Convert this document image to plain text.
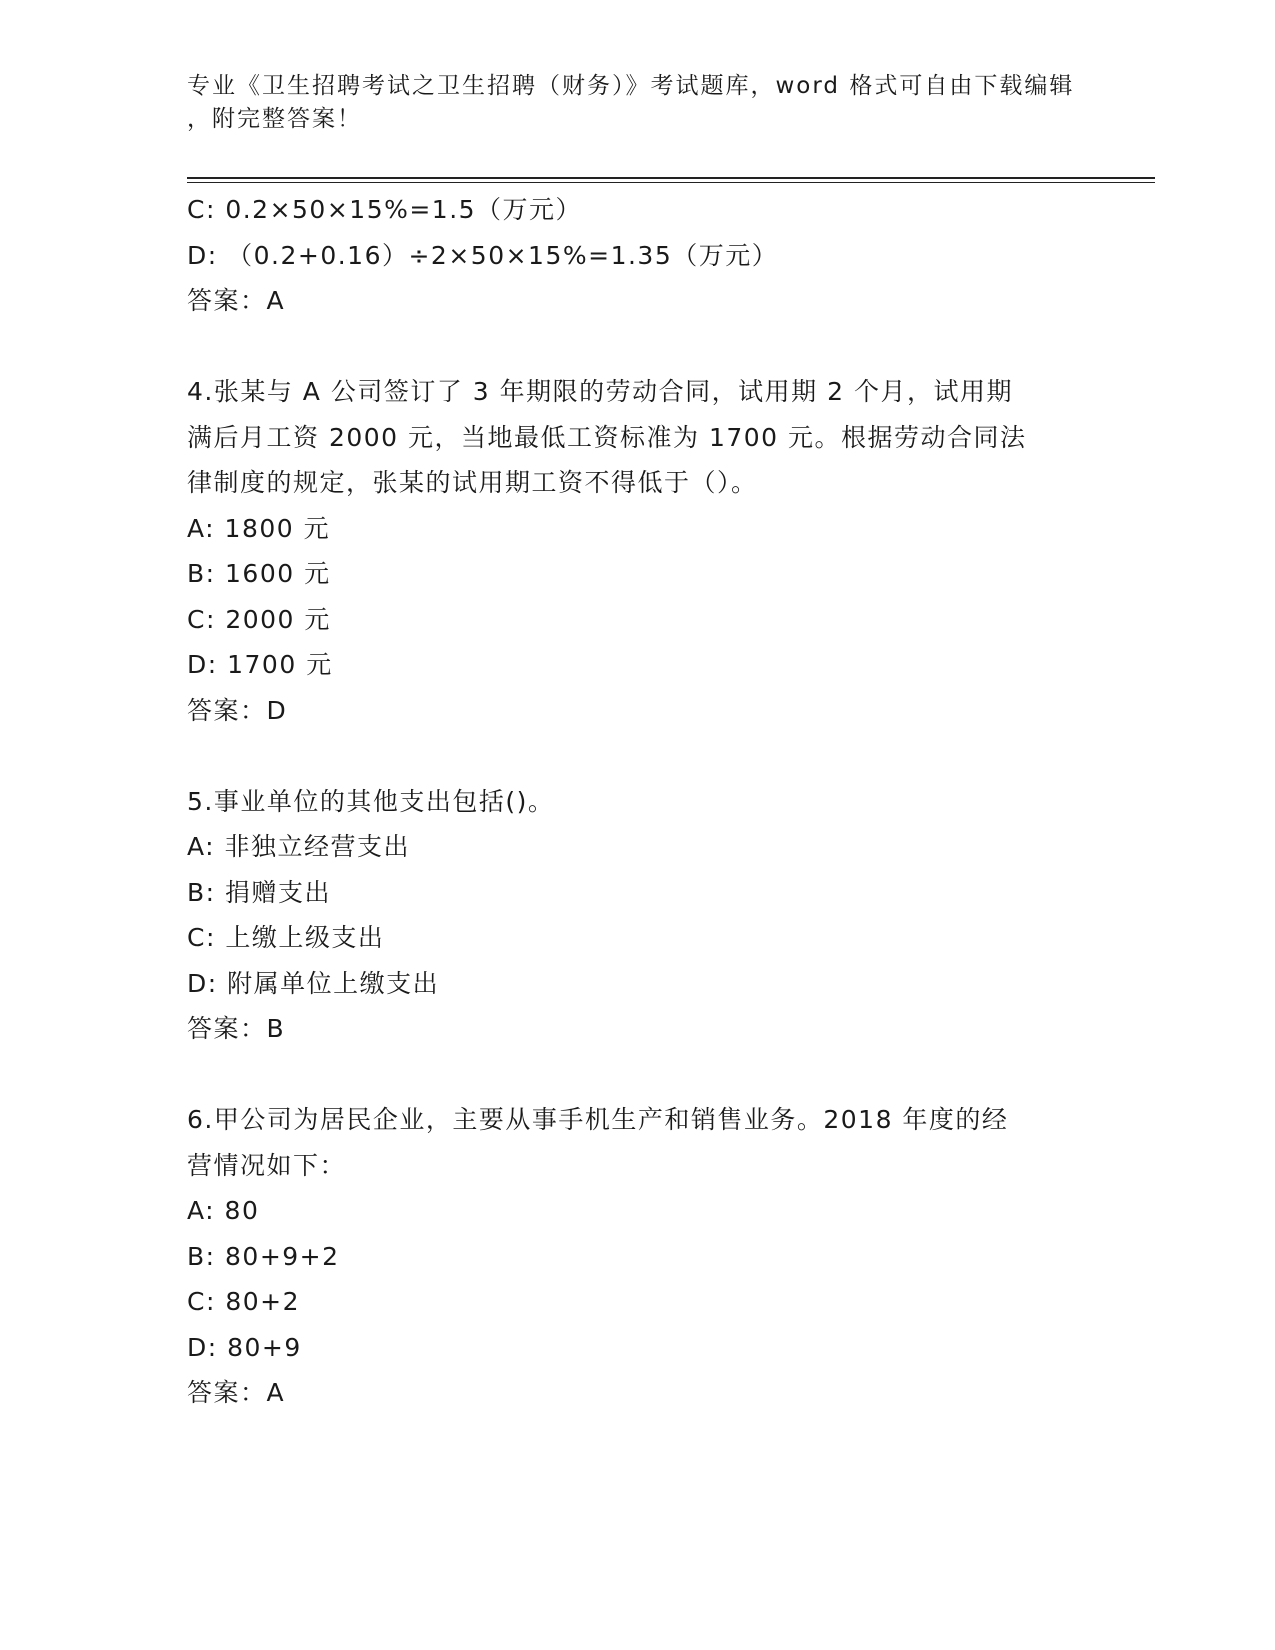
专业《卫生招聘考试之卫生招聘（财务）》考试题库，word 格式可自由下载编辑
，附完整答案！
C: 0.2×50×15%=1.5（万元）
D: （0.2+0.16）÷2×50×15%=1.35（万元）
答案：A
4.张某与 A 公司签订了 3 年期限的劳动合同，试用期 2 个月，试用期
满后月工资 2000 元，当地最低工资标准为 1700 元。根据劳动合同法
律制度的规定，张某的试用期工资不得低于（）。
A: 1800 元
B: 1600 元
C: 2000 元
D: 1700 元
答案：D
5.事业单位的其他支出包括()。
A: 非独立经营支出
B: 捐赠支出
C: 上缴上级支出
D: 附属单位上缴支出
答案：B
6.甲公司为居民企业，主要从事手机生产和销售业务。2018 年度的经
营情况如下：
A: 80
B: 80+9+2
C: 80+2
D: 80+9
答案：A
